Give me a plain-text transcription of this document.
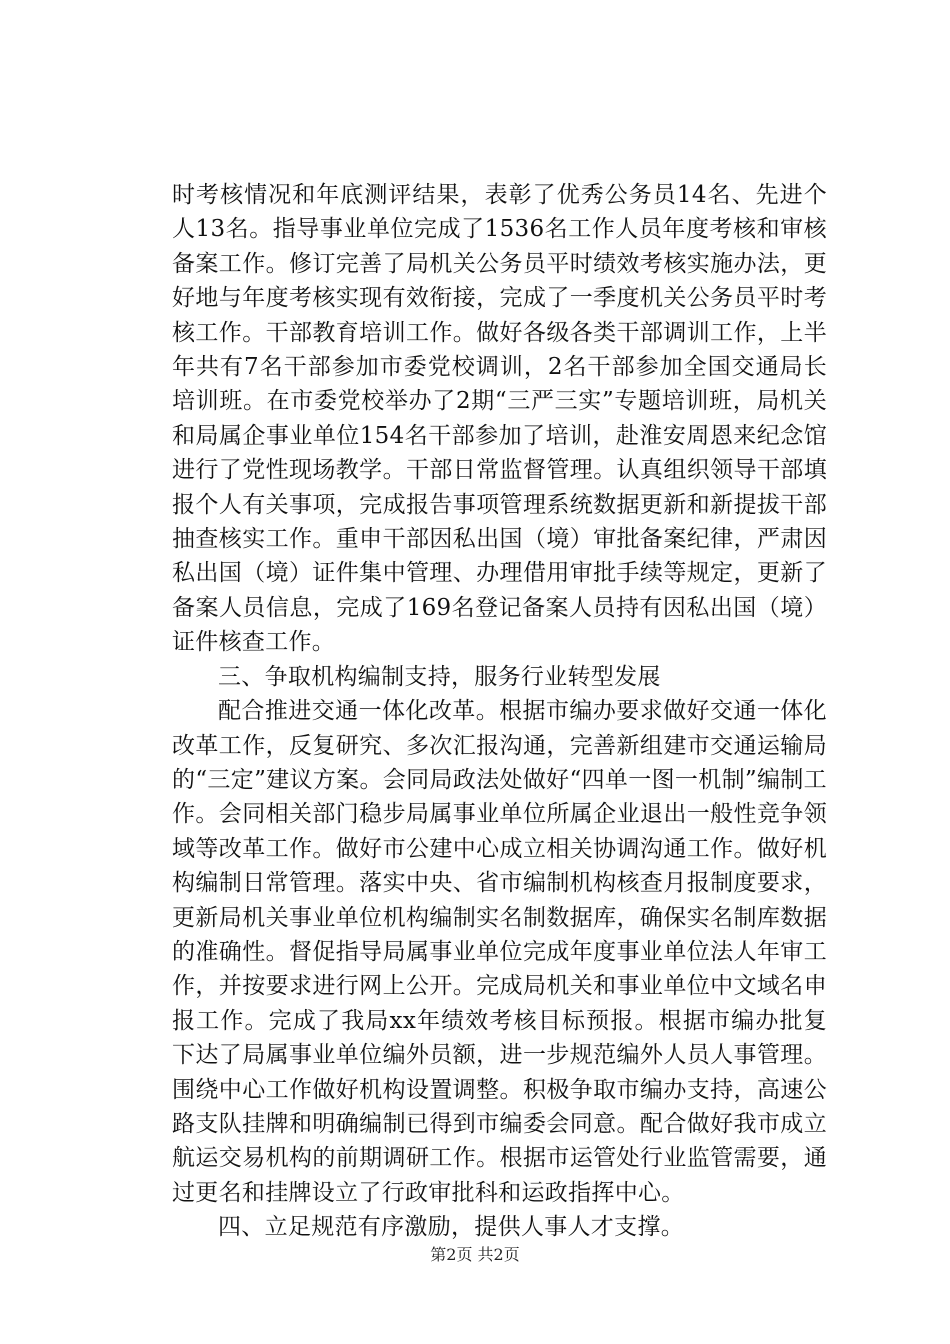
时考核情况和年底测评结果，表彰了优秀公务员14名、先进个人13名。指导事业单位完成了1536名工作人员年度考核和审核备案工作。修订完善了局机关公务员平时绩效考核实施办法，更好地与年度考核实现有效衔接，完成了一季度机关公务员平时考核工作。干部教育培训工作。做好各级各类干部调训工作，上半年共有7名干部参加市委党校调训，2名干部参加全国交通局长培训班。在市委党校举办了2期“三严三实”专题培训班，局机关和局属企事业单位154名干部参加了培训，赴淮安周恩来纪念馆进行了党性现场教学。干部日常监督管理。认真组织领导干部填报个人有关事项，完成报告事项管理系统数据更新和新提拔干部抽查核实工作。重申干部因私出国（境）审批备案纪律，严肃因私出国（境）证件集中管理、办理借用审批手续等规定，更新了备案人员信息，完成了169名登记备案人员持有因私出国（境）证件核查工作。

三、争取机构编制支持，服务行业转型发展

配合推进交通一体化改革。根据市编办要求做好交通一体化改革工作，反复研究、多次汇报沟通，完善新组建市交通运输局的“三定”建议方案。会同局政法处做好“四单一图一机制”编制工作。会同相关部门稳步局属事业单位所属企业退出一般性竞争领域等改革工作。做好市公建中心成立相关协调沟通工作。做好机构编制日常管理。落实中央、省市编制机构核查月报制度要求，更新局机关事业单位机构编制实名制数据库，确保实名制库数据的准确性。督促指导局属事业单位完成年度事业单位法人年审工作，并按要求进行网上公开。完成局机关和事业单位中文域名申报工作。完成了我局xx年绩效考核目标预报。根据市编办批复下达了局属事业单位编外员额，进一步规范编外人员人事管理。围绕中心工作做好机构设置调整。积极争取市编办支持，高速公路支队挂牌和明确编制已得到市编委会同意。配合做好我市成立航运交易机构的前期调研工作。根据市运管处行业监管需要，通过更名和挂牌设立了行政审批科和运政指挥中心。

四、立足规范有序激励，提供人事人才支撑。

第2页 共2页
